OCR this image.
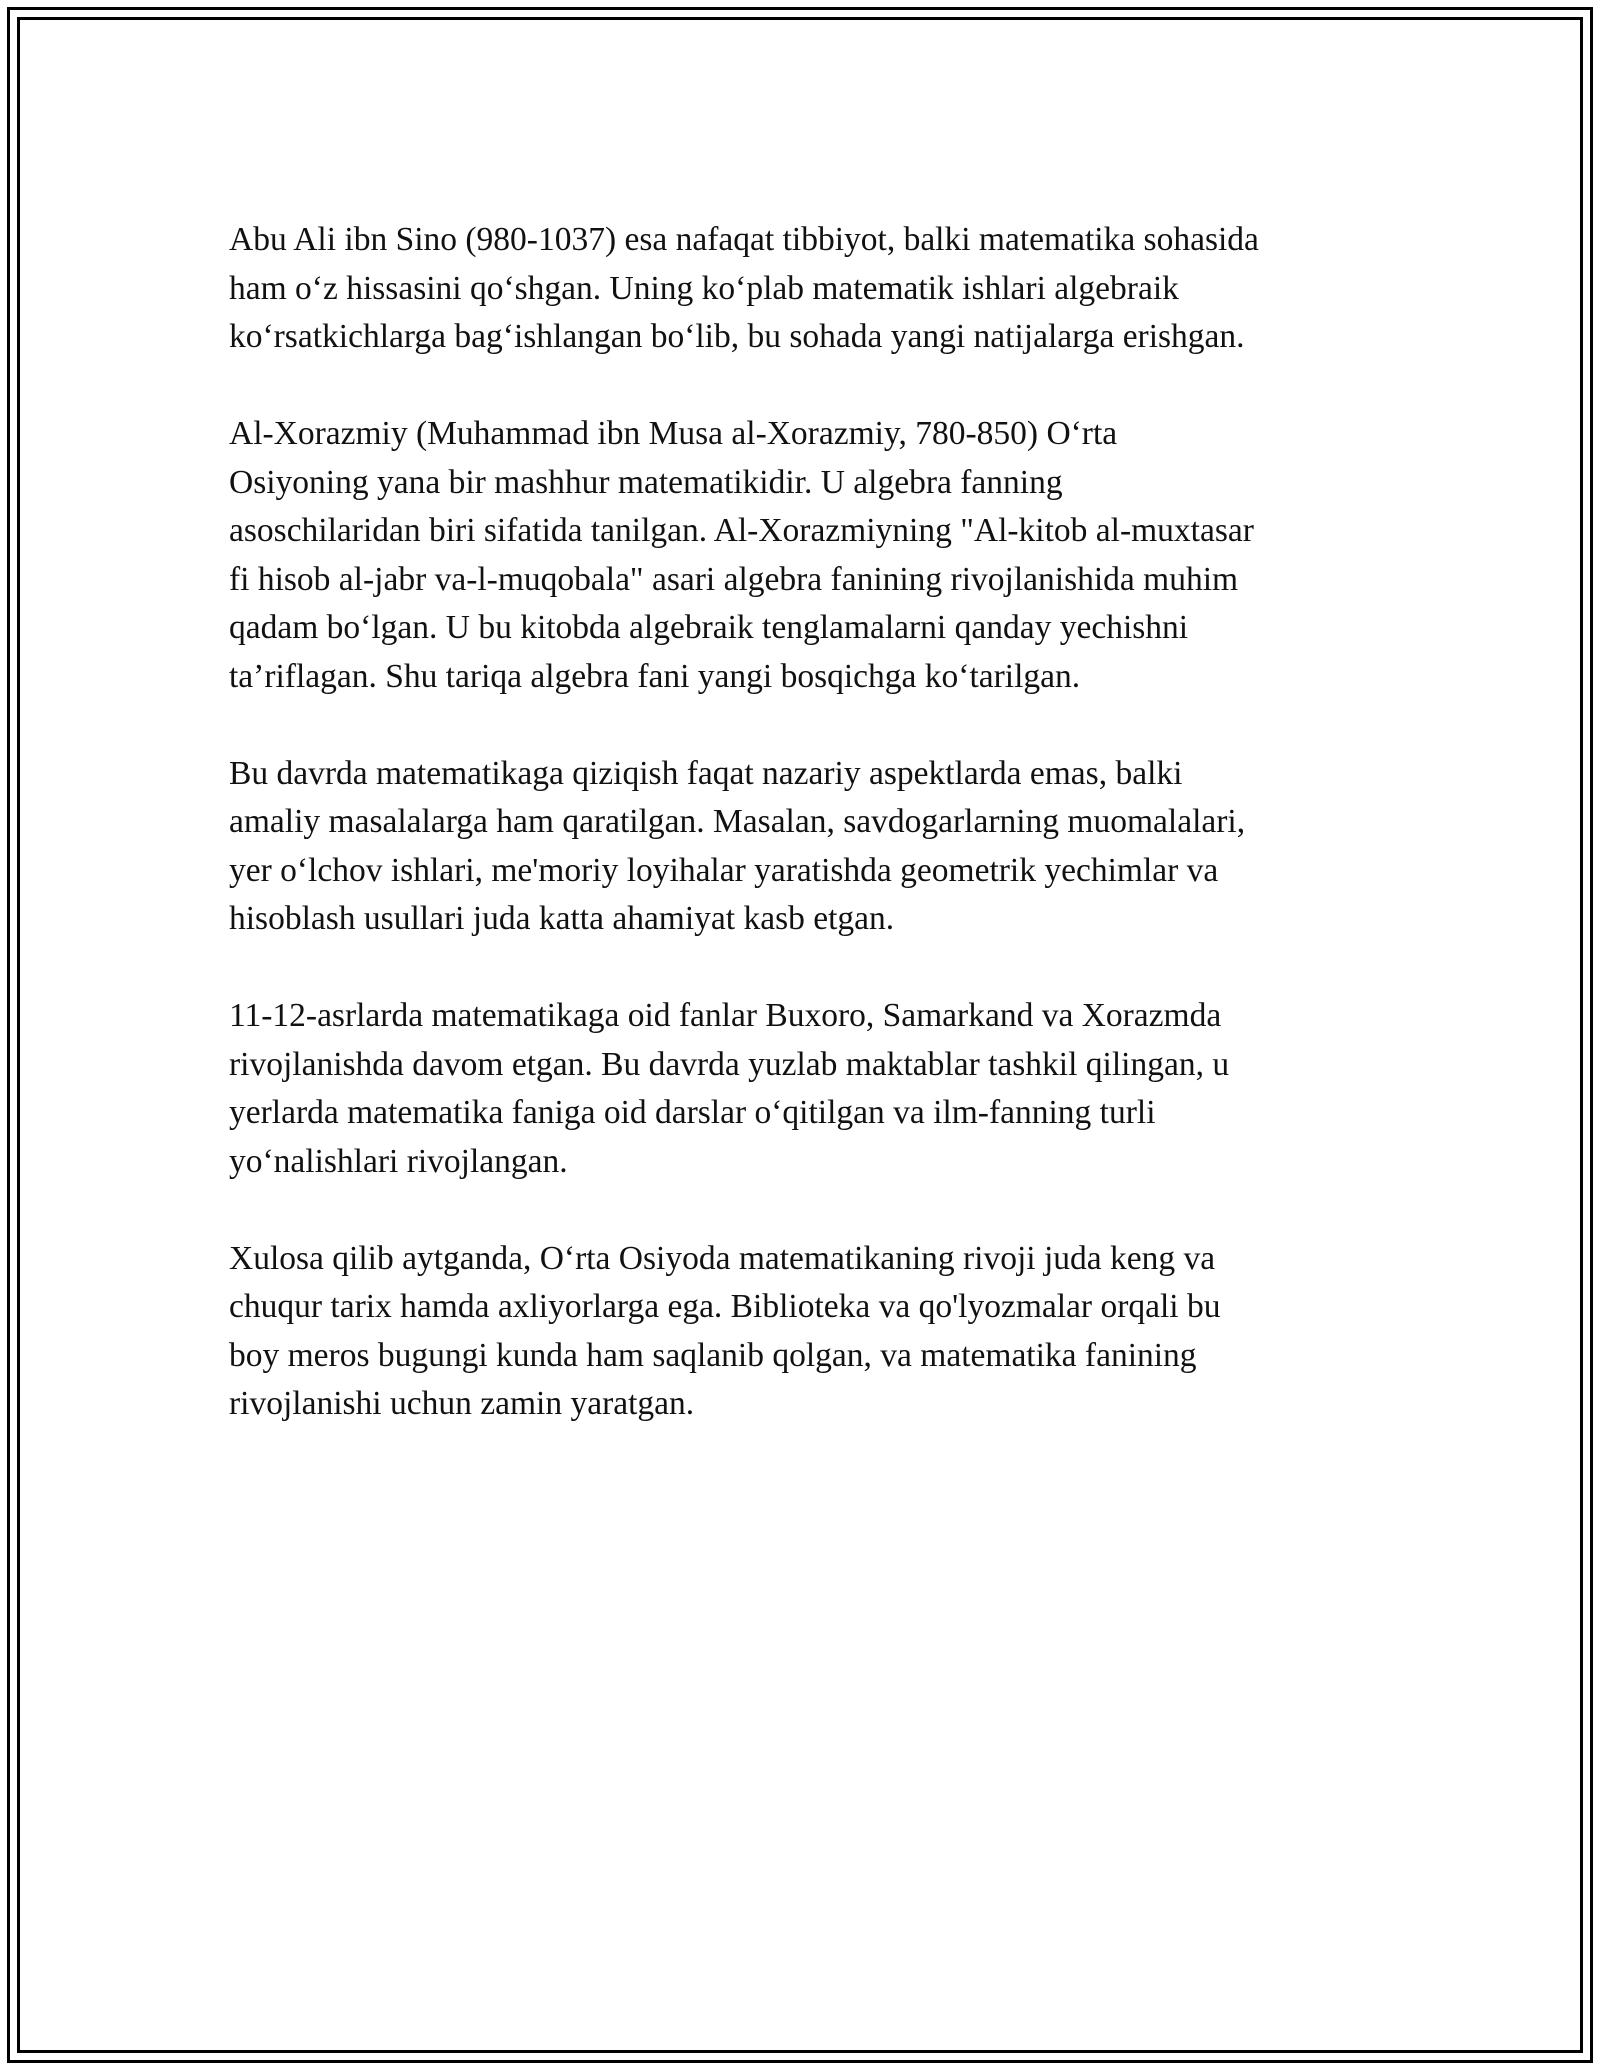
Abu Ali ibn Sino (980-1037) esa nafaqat tibbiyot, balki matematika sohasida
ham o‘z hissasini qo‘shgan. Uning ko‘plab matematik ishlari algebraik
ko‘rsatkichlarga bag‘ishlangan bo‘lib, bu sohada yangi natijalarga erishgan.

Al-Xorazmiy (Muhammad ibn Musa al-Xorazmiy, 780-850) O‘rta
Osiyoning yana bir mashhur matematikidir. U algebra fanning
asoschilaridan biri sifatida tanilgan. Al-Xorazmiyning "Al-kitob al-muxtasar
fi hisob al-jabr va-l-muqobala" asari algebra fanining rivojlanishida muhim
qadam bo‘lgan. U bu kitobda algebraik tenglamalarni qanday yechishni
ta’riflagan. Shu tariqa algebra fani yangi bosqichga ko‘tarilgan.

Bu davrda matematikaga qiziqish faqat nazariy aspektlarda emas, balki
amaliy masalalarga ham qaratilgan. Masalan, savdogarlarning muomalalari,
yer o‘lchov ishlari, me'moriy loyihalar yaratishda geometrik yechimlar va
hisoblash usullari juda katta ahamiyat kasb etgan.

11-12-asrlarda matematikaga oid fanlar Buxoro, Samarkand va Xorazmda
rivojlanishda davom etgan. Bu davrda yuzlab maktablar tashkil qilingan, u
yerlarda matematika faniga oid darslar o‘qitilgan va ilm-fanning turli
yo‘nalishlari rivojlangan.

Xulosa qilib aytganda, O‘rta Osiyoda matematikaning rivoji juda keng va
chuqur tarix hamda axliyorlarga ega. Biblioteka va qo'lyozmalar orqali bu
boy meros bugungi kunda ham saqlanib qolgan, va matematika fanining
rivojlanishi uchun zamin yaratgan.
